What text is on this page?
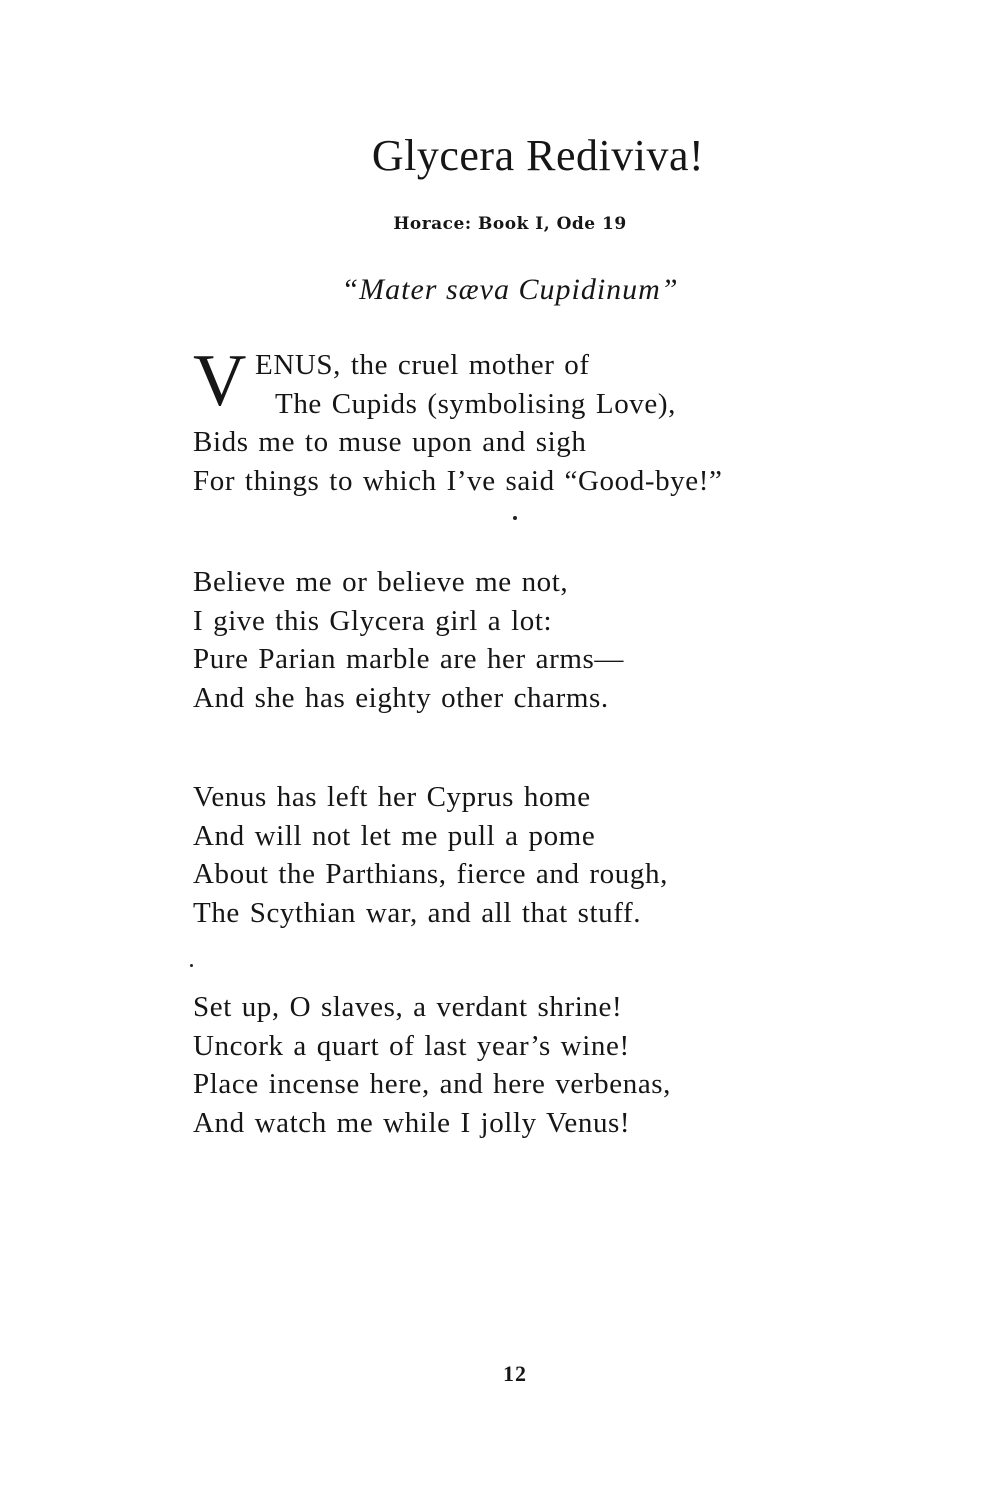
Glycera Rediviva!
Horace: Book I, Ode 19
“Mater sæva Cupidinum”
V ENUS, the cruel mother of
The Cupids (symbolising Love),
Bids me to muse upon and sigh
For things to which I’ve said “Good-bye!”
Believe me or believe me not,
I give this Glycera girl a lot:
Pure Parian marble are her arms—
And she has eighty other charms.
Venus has left her Cyprus home
And will not let me pull a pome
About the Parthians, fierce and rough,
The Scythian war, and all that stuff.
Set up, O slaves, a verdant shrine!
Uncork a quart of last year’s wine!
Place incense here, and here verbenas,
And watch me while I jolly Venus!
12
